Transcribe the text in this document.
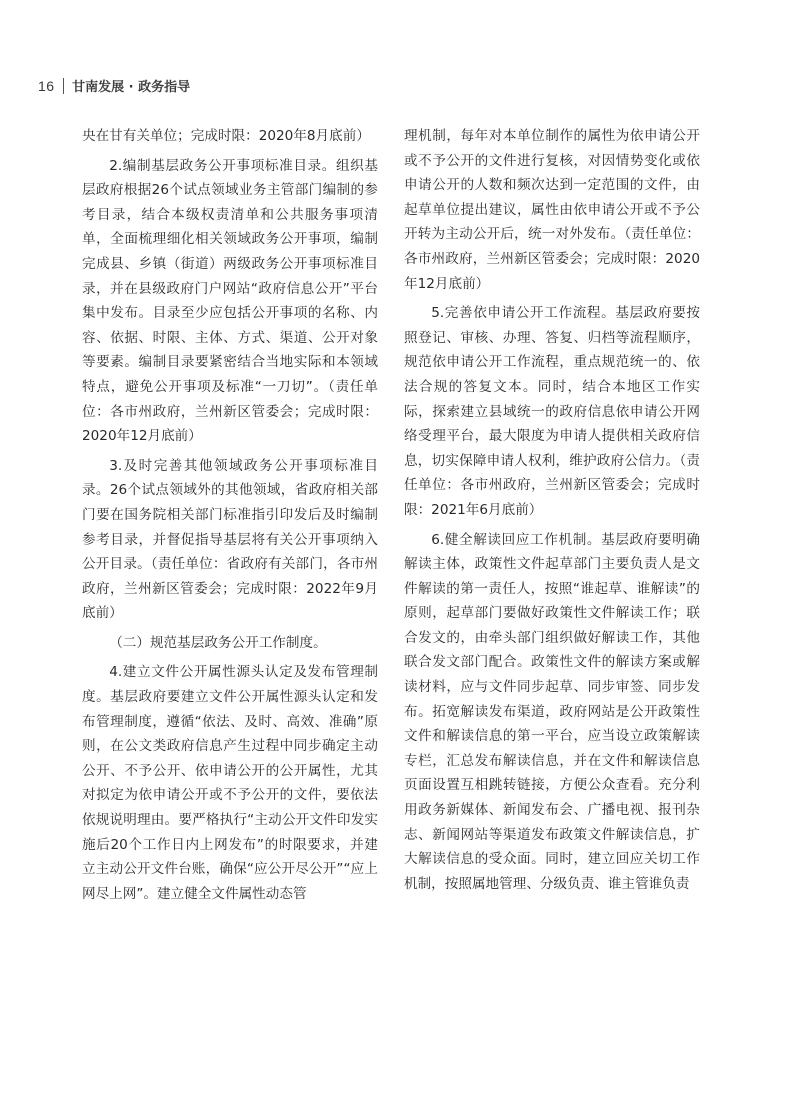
16 甘南发展 · 政务指导

央在甘有关单位；完成时限：2020年8月底前）

2.编制基层政务公开事项标准目录。组织基层政府根据26个试点领域业务主管部门编制的参考目录，结合本级权责清单和公共服务事项清单，全面梳理细化相关领域政务公开事项，编制完成县、乡镇（街道）两级政务公开事项标准目录，并在县级政府门户网站“政府信息公开”平台集中发布。目录至少应包括公开事项的名称、内容、依据、时限、主体、方式、渠道、公开对象等要素。编制目录要紧密结合当地实际和本领域特点，避免公开事项及标准“一刀切”。（责任单位：各市州政府，兰州新区管委会；完成时限：2020年12月底前）

3.及时完善其他领域政务公开事项标准目录。26个试点领域外的其他领域，省政府相关部门要在国务院相关部门标准指引印发后及时编制参考目录，并督促指导基层将有关公开事项纳入公开目录。（责任单位：省政府有关部门，各市州政府，兰州新区管委会；完成时限：2022年9月底前）

（二）规范基层政务公开工作制度。

4.建立文件公开属性源头认定及发布管理制度。基层政府要建立文件公开属性源头认定和发布管理制度，遵循“依法、及时、高效、准确”原则，在公文类政府信息产生过程中同步确定主动公开、不予公开、依申请公开的公开属性，尤其对拟定为依申请公开或不予公开的文件，要依法依规说明理由。要严格执行“主动公开文件印发实施后20个工作日内上网发布”的时限要求，并建立主动公开文件台账，确保“应公开尽公开”“应上网尽上网”。建立健全文件属性动态管

理机制，每年对本单位制作的属性为依申请公开或不予公开的文件进行复核，对因情势变化或依申请公开的人数和频次达到一定范围的文件，由起草单位提出建议，属性由依申请公开或不予公开转为主动公开后，统一对外发布。（责任单位：各市州政府，兰州新区管委会；完成时限：2020年12月底前）

5.完善依申请公开工作流程。基层政府要按照登记、审核、办理、答复、归档等流程顺序，规范依申请公开工作流程，重点规范统一的、依法合规的答复文本。同时，结合本地区工作实际，探索建立县域统一的政府信息依申请公开网络受理平台，最大限度为申请人提供相关政府信息，切实保障申请人权利，维护政府公信力。（责任单位：各市州政府，兰州新区管委会；完成时限：2021年6月底前）

6.健全解读回应工作机制。基层政府要明确解读主体，政策性文件起草部门主要负责人是文件解读的第一责任人，按照“谁起草、谁解读”的原则，起草部门要做好政策性文件解读工作；联合发文的，由牵头部门组织做好解读工作，其他联合发文部门配合。政策性文件的解读方案或解读材料，应与文件同步起草、同步审签、同步发布。拓宽解读发布渠道，政府网站是公开政策性文件和解读信息的第一平台，应当设立政策解读专栏，汇总发布解读信息，并在文件和解读信息页面设置互相跳转链接，方便公众查看。充分利用政务新媒体、新闻发布会、广播电视、报刊杂志、新闻网站等渠道发布政策文件解读信息，扩大解读信息的受众面。同时，建立回应关切工作机制，按照属地管理、分级负责、谁主管谁负责
